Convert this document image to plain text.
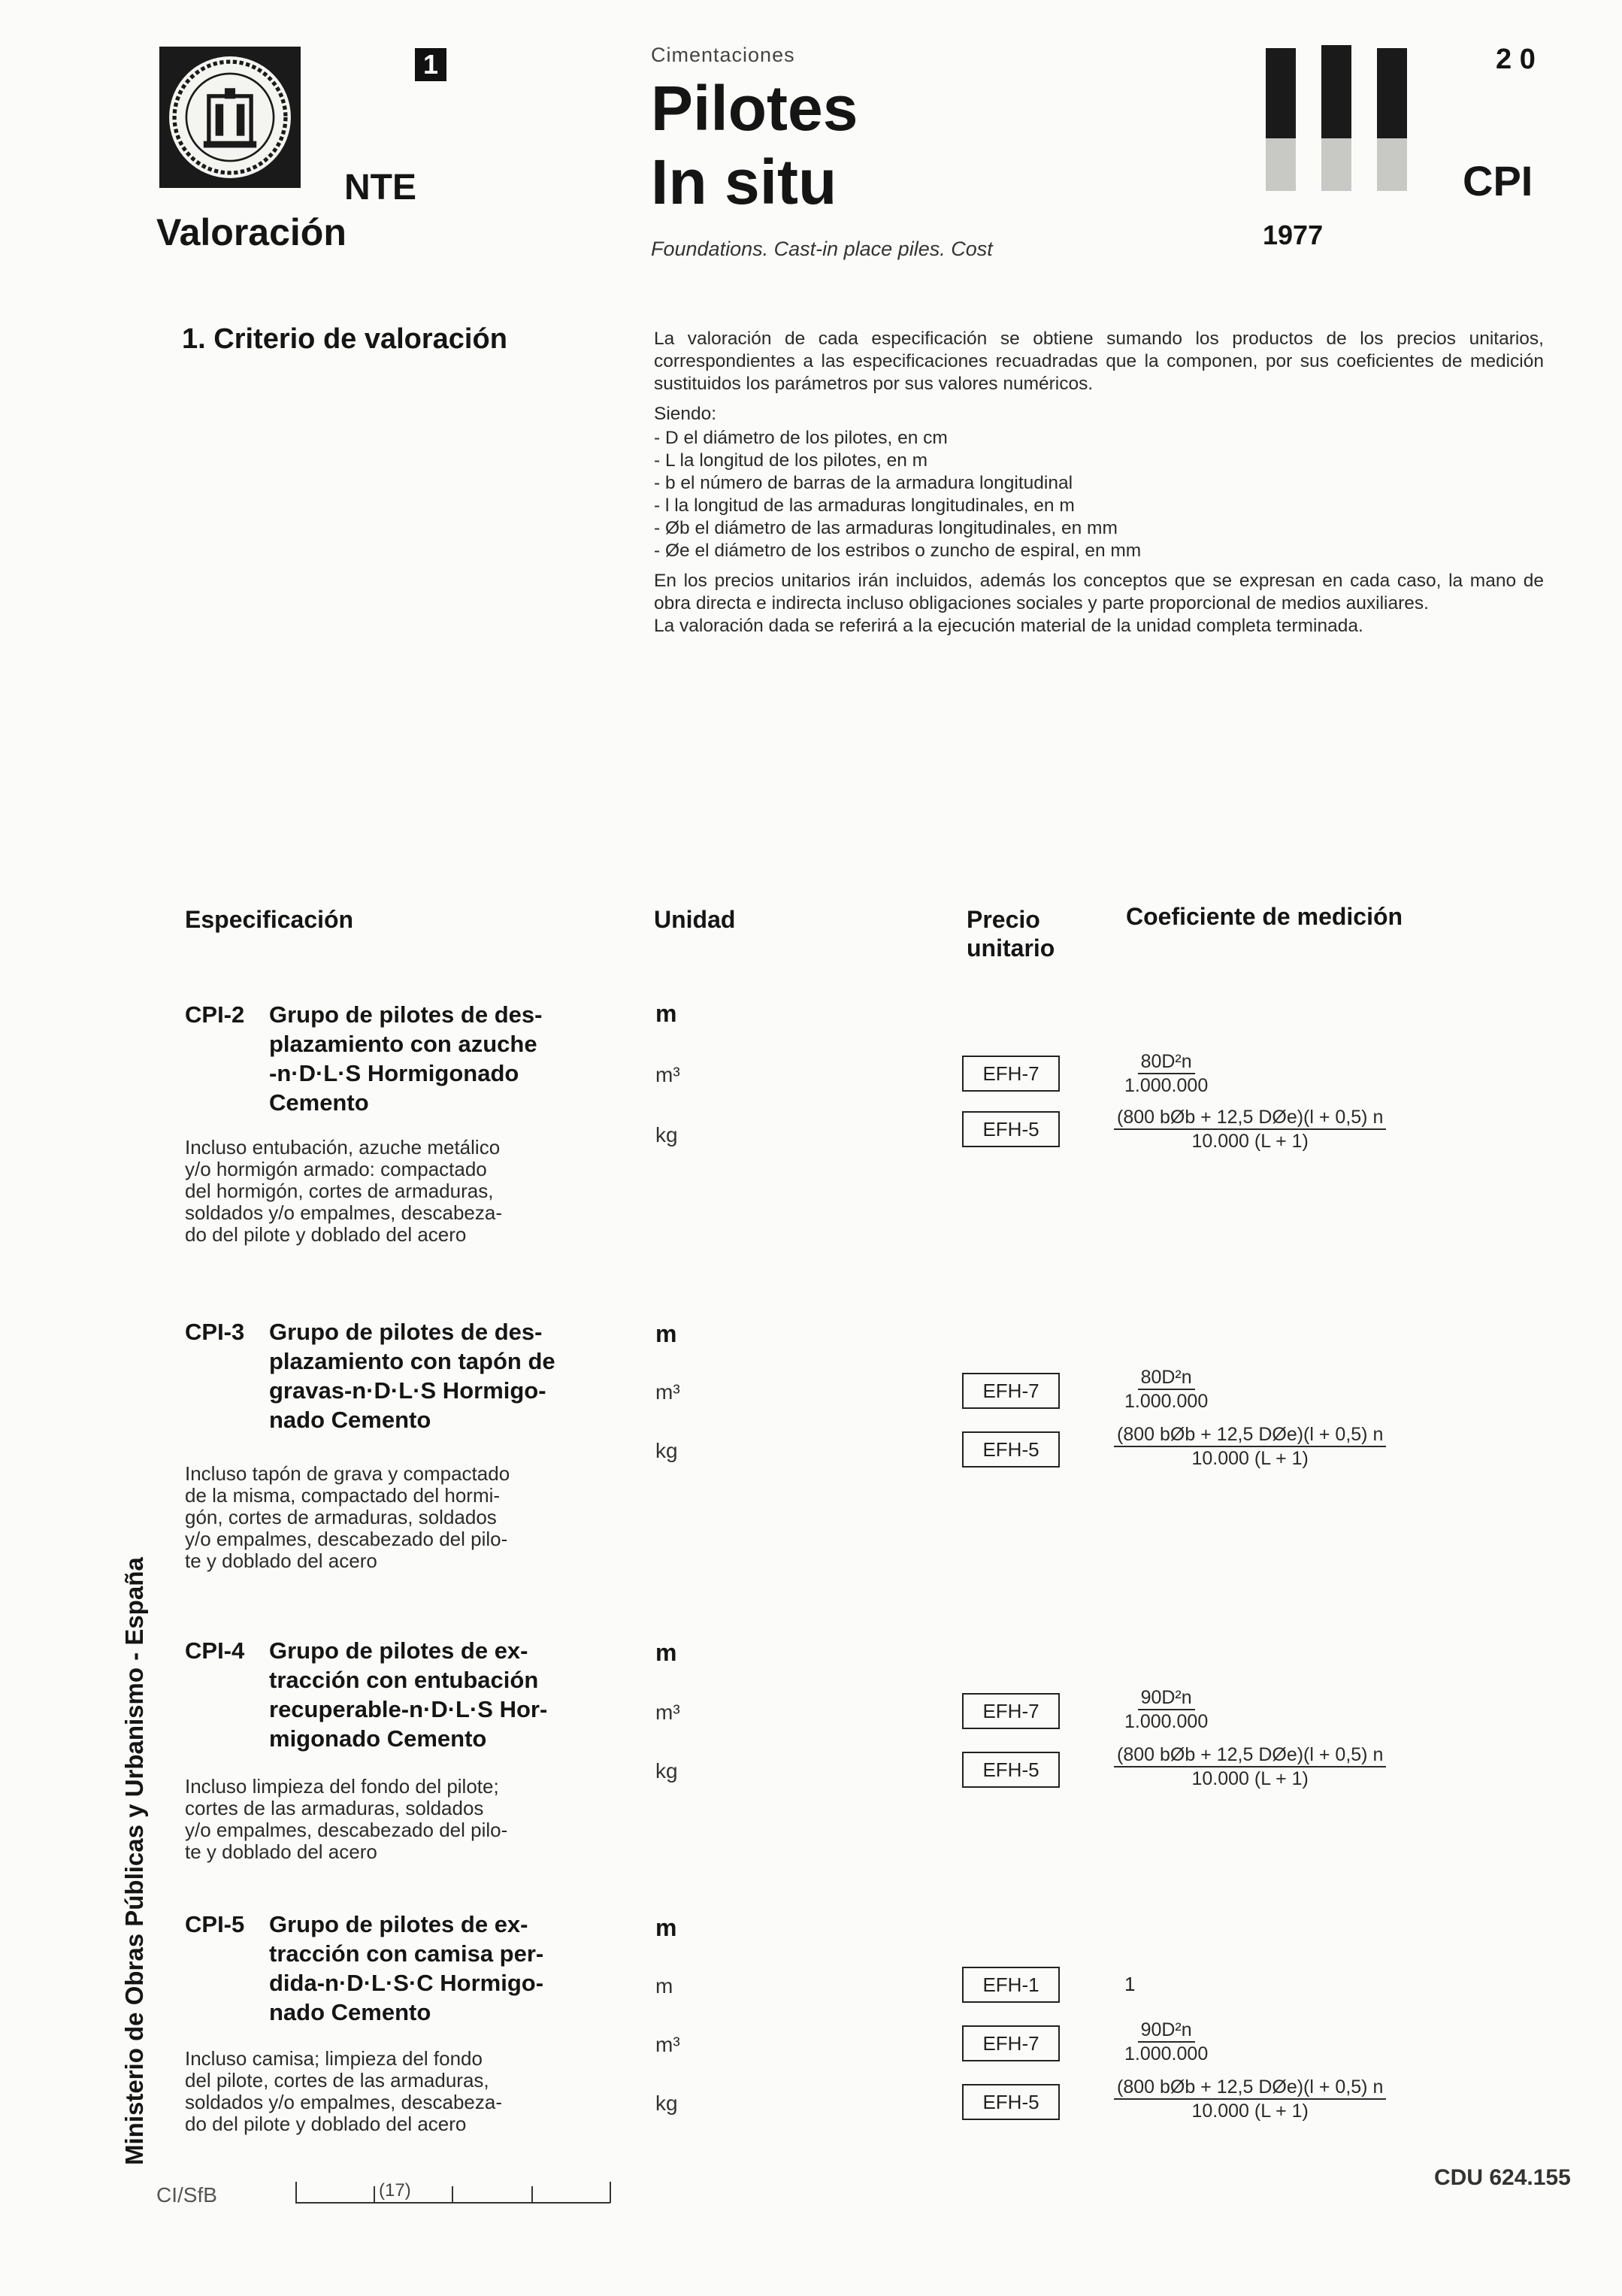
1
NTE
Valoración
Cimentaciones
Pilotes
In situ
Foundations. Cast-in place piles. Cost
2 0
CPI
1977
1. Criterio de valoración	La valoración de cada especificación se obtiene sumando los productos de los precios unitarios, correspondientes a las especificaciones recuadradas que la componen, por sus coeficientes de medición sustituidos los parámetros por sus valores numéricos.

Siendo:

- D el diámetro de los pilotes, en cm
- L la longitud de los pilotes, en m
- b el número de barras de la armadura longitudinal
- l la longitud de las armaduras longitudinales, en m
- Øb el diámetro de las armaduras longitudinales, en mm
- Øe el diámetro de los estribos o zuncho de espiral, en mm

En los precios unitarios irán incluidos, además los conceptos que se expresan en cada caso, la mano de obra directa e indirecta incluso obligaciones sociales y parte proporcional de medios auxiliares.

La valoración dada se referirá a la ejecución material de la unidad completa terminada.

Especificación	Unidad	Precio
unitario
Coeficiente de medición
CPI-2 Grupo de pilotes de des-
plazamiento con azuche
-n·D·L·S Hormigonado
Cemento
Incluso entubación, azuche metálico
y/o hormigón armado: compactado
del hormigón, cortes de armaduras,
soldados y/o empalmes, descabeza-
do del pilote y doblado del acero
m
m³	EFH-7	$\frac{\text{80D²n}}{1.000.000}$
kg	EFH-5
(800 bØb + 12,5 DØe)(l + 0,5) n
10.000 (L + 1)
CPI-3 Grupo de pilotes de des-
plazamiento con tapón de
gravas-n·D·L·S Hormigo-
nado Cemento
Incluso tapón de grava y compactado
de la misma, compactado del hormi-
gón, cortes de armaduras, soldados
y/o empalmes, descabezado del pilo-
te y doblado del acero
m
m³	EFH-7	$\frac{\text{80D²n}}{1.000.000}$
kg	EFH-5
(800 bØb + 12,5 DØe)(l + 0,5) n
10.000 (L + 1)
CPI-4 Grupo de pilotes de ex-
tracción con entubación
recuperable-n·D·L·S Hor-
migonado Cemento
Incluso limpieza del fondo del pilote;
cortes de las armaduras, soldados
y/o empalmes, descabezado del pilo-
te y doblado del acero
m
m³	EFH-7	$\frac{\text{90D²n}}{1.000.000}$
kg	EFH-5
(800 bØb + 12,5 DØe)(l + 0,5) n
10.000 (L + 1)
CPI-5 Grupo de pilotes de ex-
tracción con camisa per-
dida-n·D·L·S·C Hormigo-
nado Cemento
Incluso camisa; limpieza del fondo
del pilote, cortes de las armaduras,
soldados y/o empalmes, descabeza-
do del pilote y doblado del acero
m
m	EFH-1	1
m³	EFH-7	$\frac{\text{90D²n}}{1.000.000}$
kg	EFH-5
(800 bØb + 12,5 DØe)(l + 0,5) n
10.000 (L + 1)
Ministerio de Obras Públicas y Urbanismo - España
CI/SfB	(17)
CDU 624.155
